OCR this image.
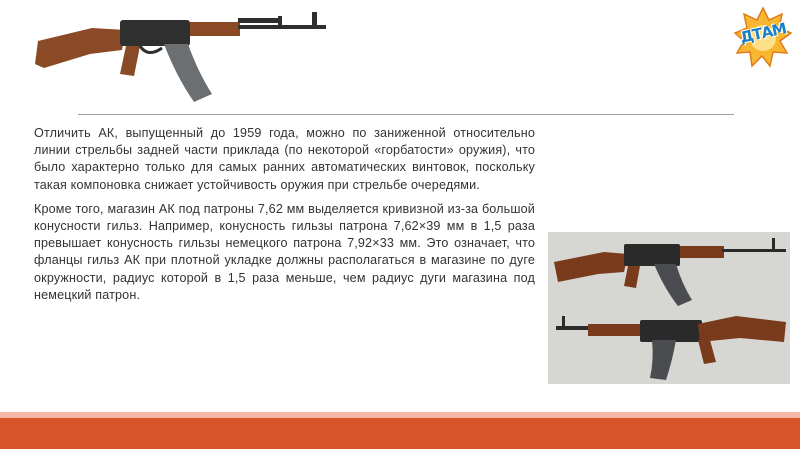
ДТАМ

Отличить АК, выпущенный до 1959 года, можно по заниженной относительно линии стрельбы задней части приклада (по некоторой «горбатости» оружия), что было характерно только для самых ранних автоматических винтовок, поскольку такая компоновка снижает устойчивость оружия при стрельбе очередями.

Кроме того, магазин АК под патроны 7,62 мм выделяется кривизной из-за большой конусности гильз. Например, конусность гильзы патрона 7,62×39 мм в 1,5 раза превышает конусность гильзы немецкого патрона 7,92×33 мм. Это означает, что фланцы гильз АК при плотной укладке должны располагаться в магазине по дуге окружности, радиус которой в 1,5 раза меньше, чем радиус дуги магазина под немецкий патрон.
